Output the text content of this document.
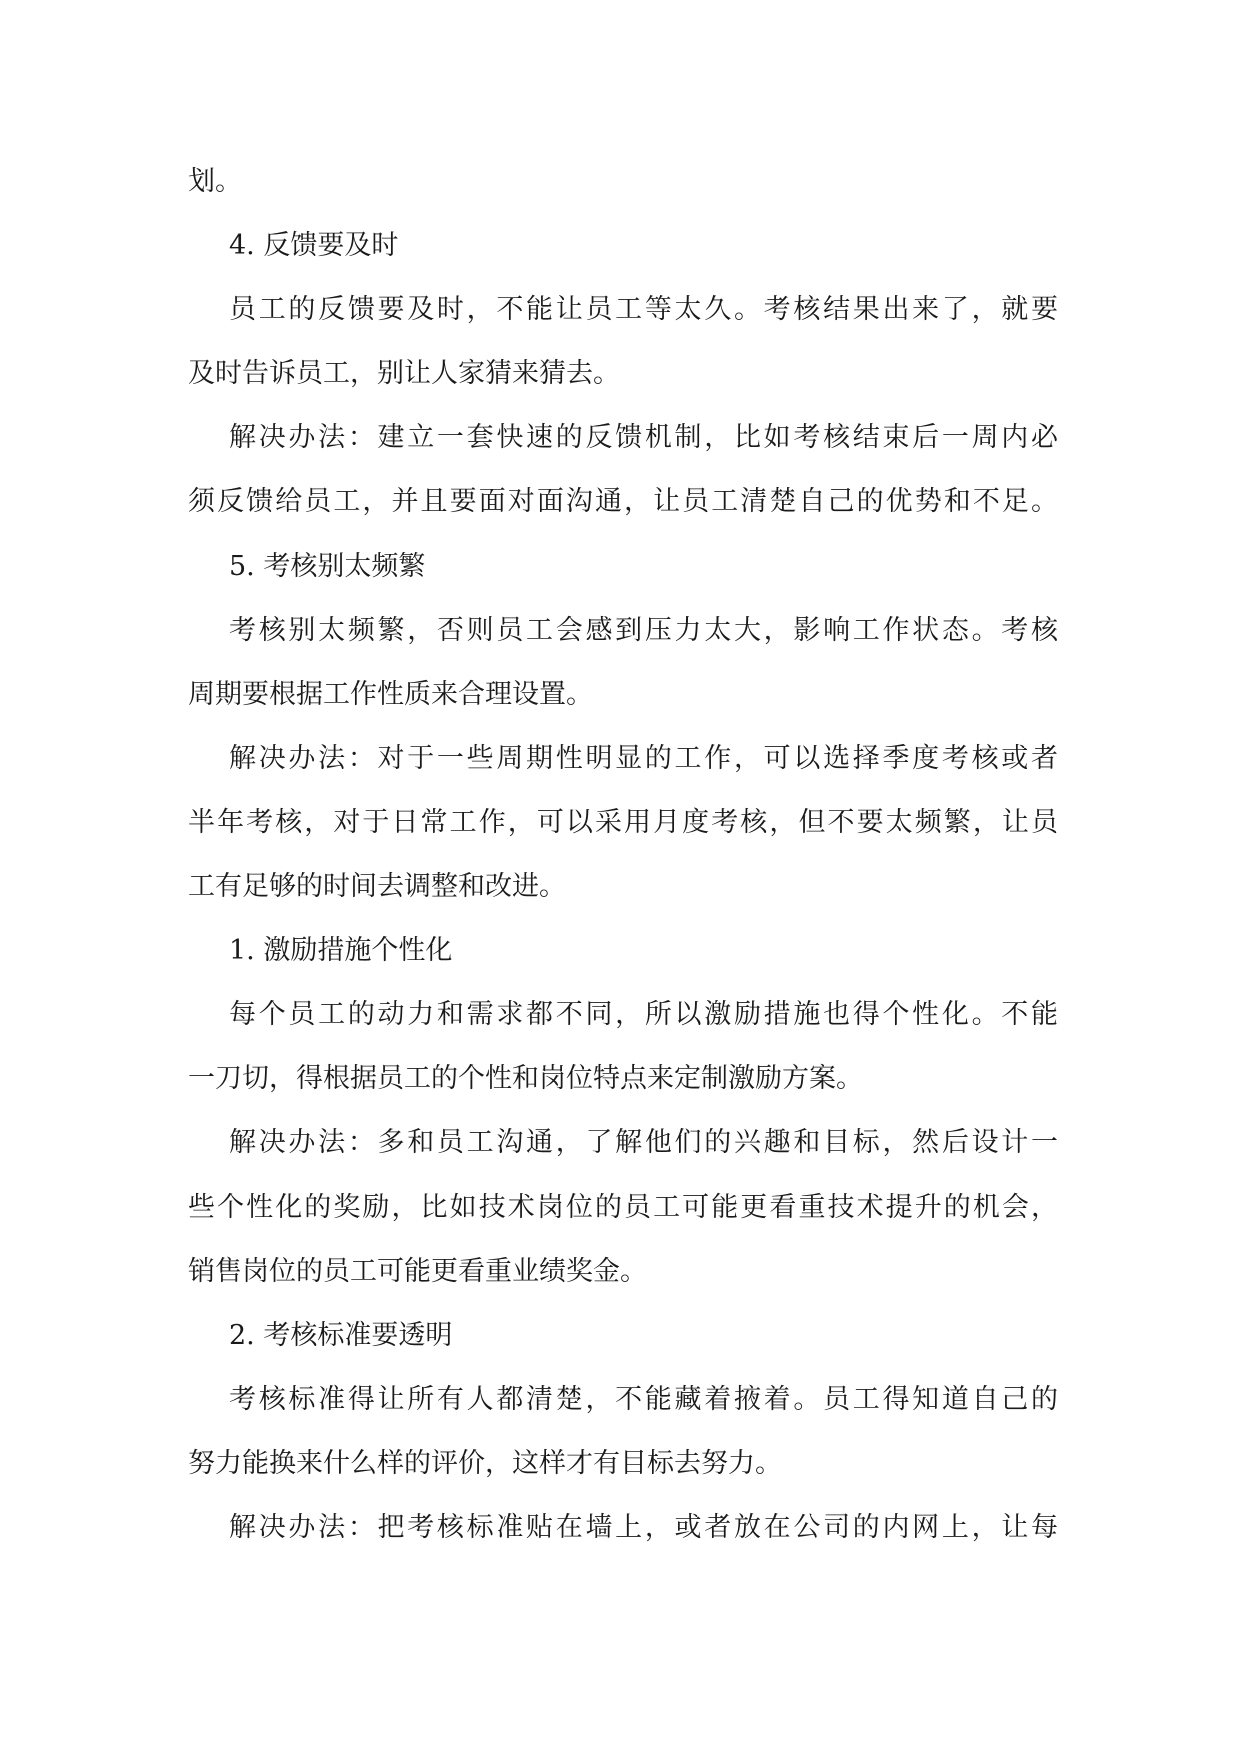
划。
4. 反馈要及时
员工的反馈要及时，不能让员工等太久。考核结果出来了，就要
及时告诉员工，别让人家猜来猜去。
解决办法：建立一套快速的反馈机制，比如考核结束后一周内必
须反馈给员工，并且要面对面沟通，让员工清楚自己的优势和不足。
5. 考核别太频繁
考核别太频繁，否则员工会感到压力太大，影响工作状态。考核
周期要根据工作性质来合理设置。
解决办法：对于一些周期性明显的工作，可以选择季度考核或者
半年考核，对于日常工作，可以采用月度考核，但不要太频繁，让员
工有足够的时间去调整和改进。
1. 激励措施个性化
每个员工的动力和需求都不同，所以激励措施也得个性化。不能
一刀切，得根据员工的个性和岗位特点来定制激励方案。
解决办法：多和员工沟通，了解他们的兴趣和目标，然后设计一
些个性化的奖励，比如技术岗位的员工可能更看重技术提升的机会，
销售岗位的员工可能更看重业绩奖金。
2. 考核标准要透明
考核标准得让所有人都清楚，不能藏着掖着。员工得知道自己的
努力能换来什么样的评价，这样才有目标去努力。
解决办法：把考核标准贴在墙上，或者放在公司的内网上，让每
